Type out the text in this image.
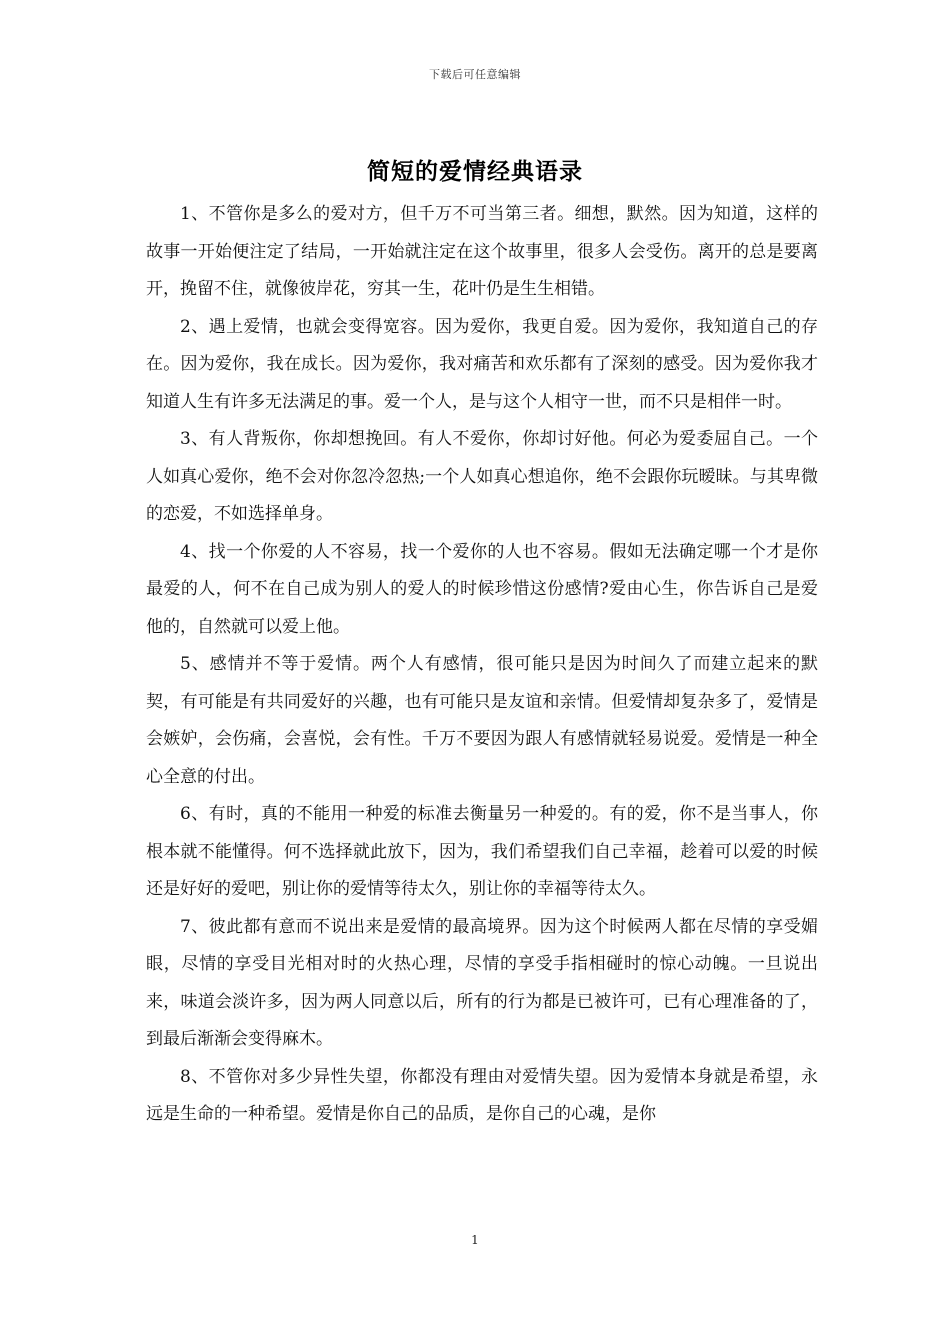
下载后可任意编辑
简短的爱情经典语录

1、不管你是多么的爱对方，但千万不可当第三者。细想，默然。因为知道，这样的故事一开始便注定了结局，一开始就注定在这个故事里，很多人会受伤。离开的总是要离开，挽留不住，就像彼岸花，穷其一生，花叶仍是生生相错。

2、遇上爱情，也就会变得宽容。因为爱你，我更自爱。因为爱你，我知道自己的存在。因为爱你，我在成长。因为爱你，我对痛苦和欢乐都有了深刻的感受。因为爱你我才知道人生有许多无法满足的事。爱一个人，是与这个人相守一世，而不只是相伴一时。

3、有人背叛你，你却想挽回。有人不爱你，你却讨好他。何必为爱委屈自己。一个人如真心爱你，绝不会对你忽冷忽热;一个人如真心想追你，绝不会跟你玩暧昧。与其卑微的恋爱，不如选择单身。

4、找一个你爱的人不容易，找一个爱你的人也不容易。假如无法确定哪一个才是你最爱的人，何不在自己成为别人的爱人的时候珍惜这份感情?爱由心生，你告诉自己是爱他的，自然就可以爱上他。

5、感情并不等于爱情。两个人有感情，很可能只是因为时间久了而建立起来的默契，有可能是有共同爱好的兴趣，也有可能只是友谊和亲情。但爱情却复杂多了，爱情是会嫉妒，会伤痛，会喜悦，会有性。千万不要因为跟人有感情就轻易说爱。爱情是一种全心全意的付出。

6、有时，真的不能用一种爱的标准去衡量另一种爱的。有的爱，你不是当事人，你根本就不能懂得。何不选择就此放下，因为，我们希望我们自己幸福，趁着可以爱的时候还是好好的爱吧，别让你的爱情等待太久，别让你的幸福等待太久。

7、彼此都有意而不说出来是爱情的最高境界。因为这个时候两人都在尽情的享受媚眼，尽情的享受目光相对时的火热心理，尽情的享受手指相碰时的惊心动魄。一旦说出来，味道会淡许多，因为两人同意以后，所有的行为都是已被许可，已有心理准备的了，到最后渐渐会变得麻木。

8、不管你对多少异性失望，你都没有理由对爱情失望。因为爱情本身就是希望，永远是生命的一种希望。爱情是你自己的品质，是你自己的心魂，是你

1
